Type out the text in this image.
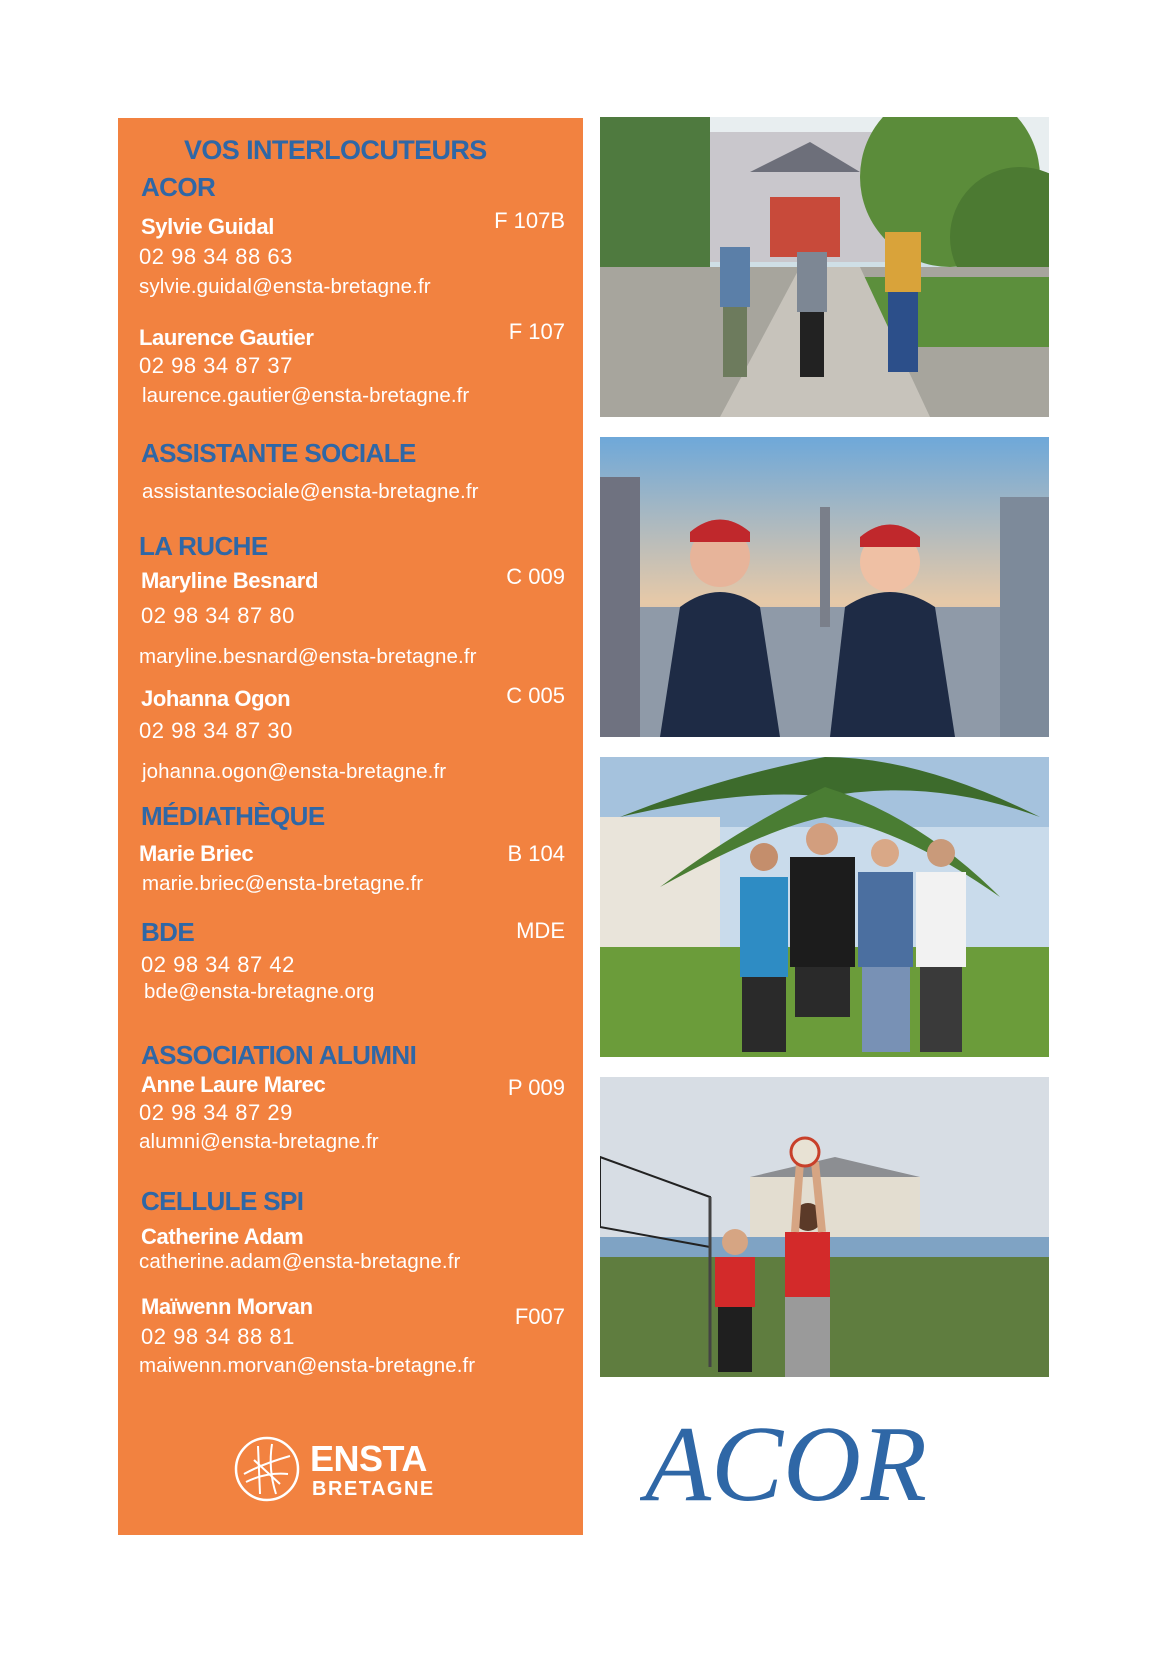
VOS INTERLOCUTEURS
ACOR
Sylvie Guidal	F 107B
02 98 34 88 63
sylvie.guidal@ensta-bretagne.fr
Laurence Gautier	F 107
02 98 34 87 37
laurence.gautier@ensta-bretagne.fr
ASSISTANTE SOCIALE
assistantesociale@ensta-bretagne.fr
LA RUCHE
Maryline Besnard	C 009
02 98 34 87 80
maryline.besnard@ensta-bretagne.fr
Johanna Ogon	C 005
02 98 34 87 30
johanna.ogon@ensta-bretagne.fr
MÉDIATHÈQUE
Marie Briec	B 104
marie.briec@ensta-bretagne.fr
BDE	MDE
02 98 34 87 42
bde@ensta-bretagne.org
ASSOCIATION ALUMNI
Anne Laure Marec	P 009
02 98 34 87 29
alumni@ensta-bretagne.fr
CELLULE SPI
Catherine Adam
catherine.adam@ensta-bretagne.fr
Maïwenn Morvan	F007
02 98 34 88 81
maiwenn.morvan@ensta-bretagne.fr
ENSTA
BRETAGNE ACOR
